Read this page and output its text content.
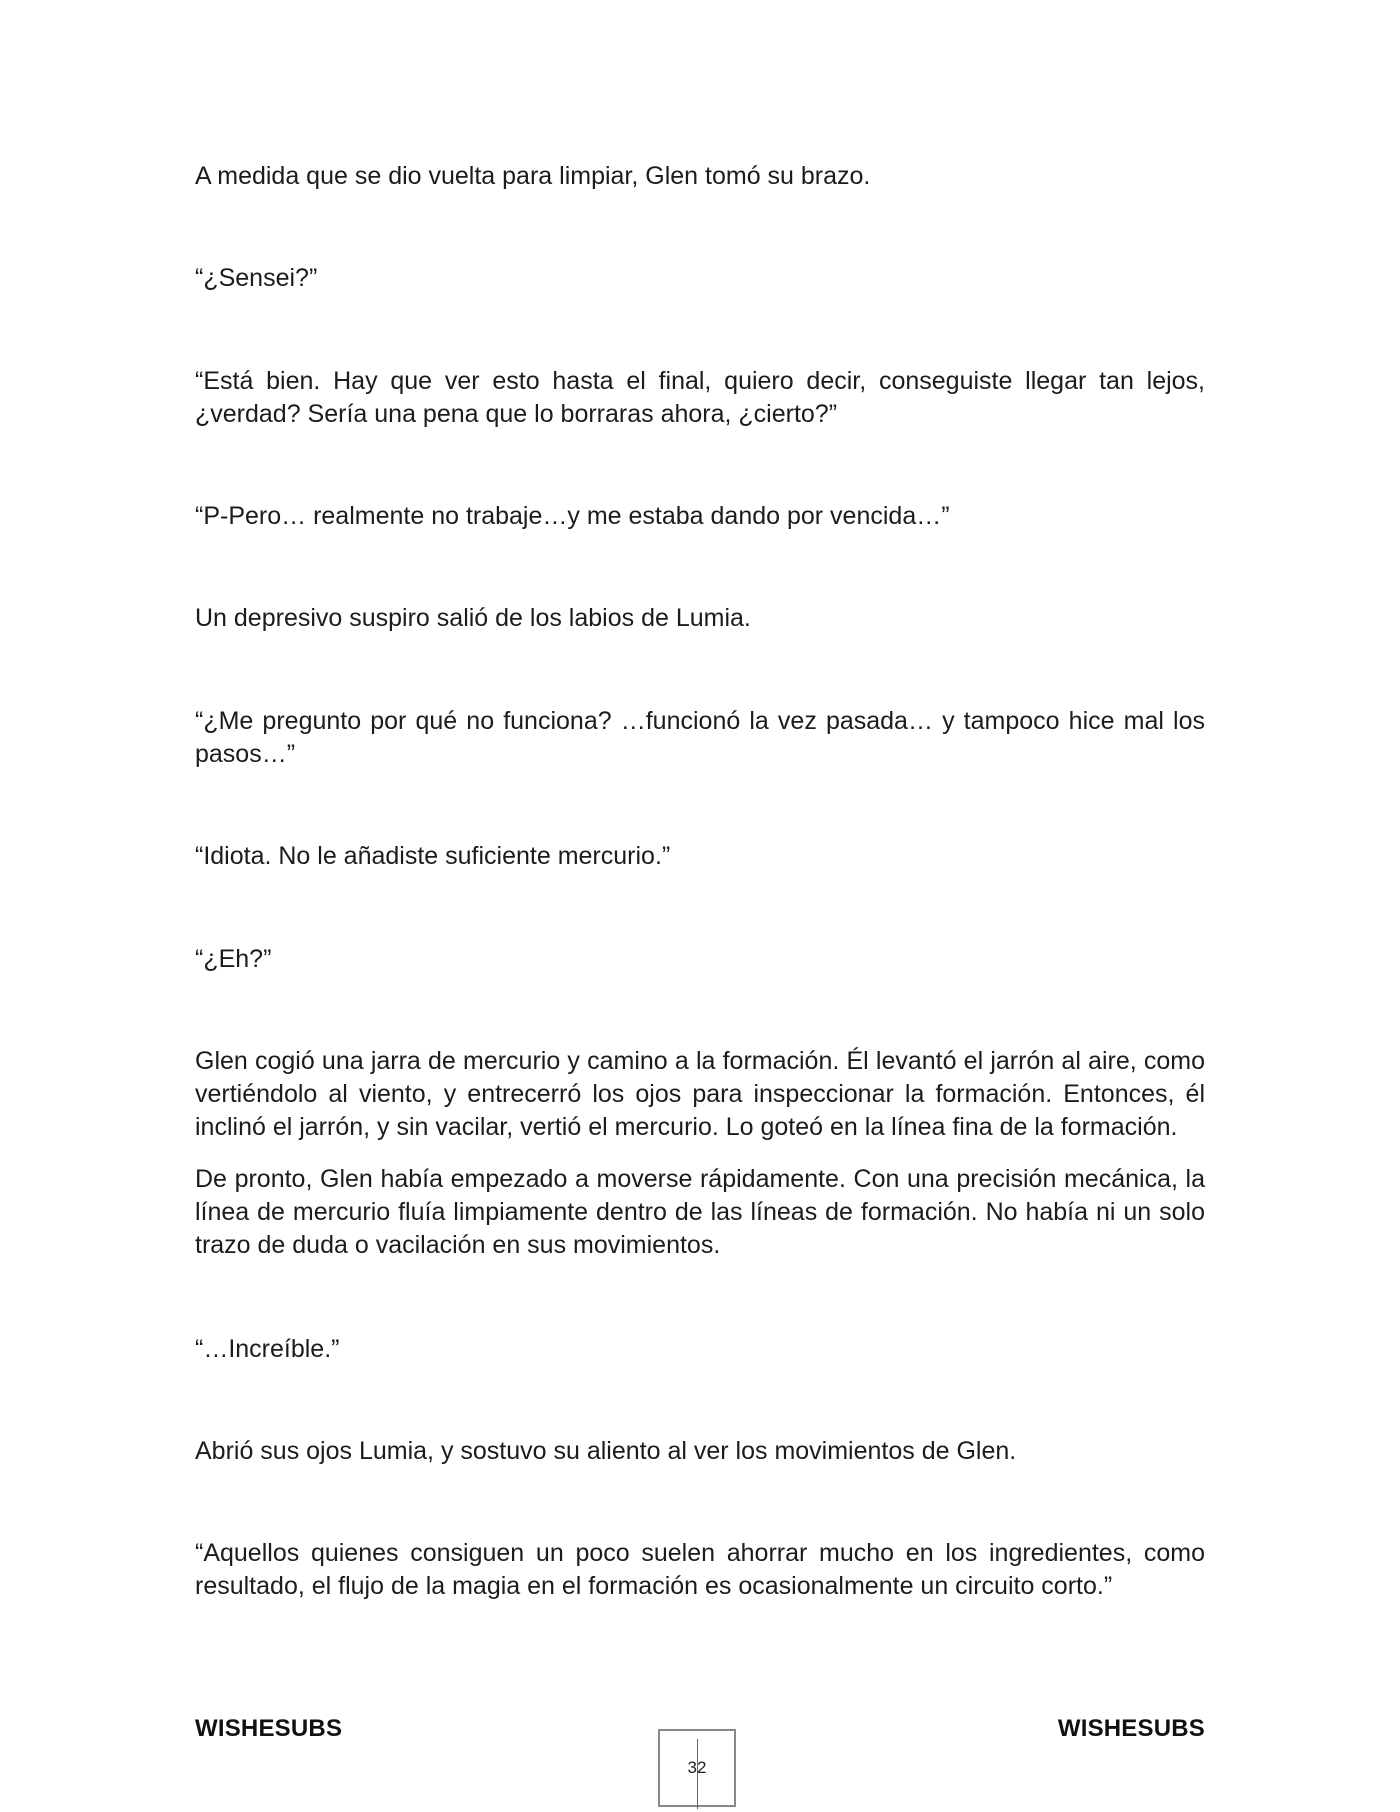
A medida que se dio vuelta para limpiar, Glen tomó su brazo.

“¿Sensei?”

“Está bien. Hay que ver esto hasta el final, quiero decir, conseguiste llegar tan lejos, ¿verdad? Sería una pena que lo borraras ahora, ¿cierto?”

“P-Pero… realmente no trabaje…y me estaba dando por vencida…”

Un depresivo suspiro salió de los labios de Lumia.

“¿Me pregunto por qué no funciona? …funcionó la vez pasada… y tampoco hice mal los pasos…”

“Idiota. No le añadiste suficiente mercurio.”

“¿Eh?”

Glen cogió una jarra de mercurio y camino a la formación. Él levantó el jarrón al aire, como vertiéndolo al viento, y entrecerró los ojos para inspeccionar la formación. Entonces, él inclinó el jarrón, y sin vacilar, vertió el mercurio. Lo goteó en la línea fina de la formación.

De pronto, Glen había empezado a moverse rápidamente. Con una precisión mecánica, la línea de mercurio fluía limpiamente dentro de las líneas de formación. No había ni un solo trazo de duda o vacilación en sus movimientos.

“…Increíble.”

Abrió sus ojos Lumia, y sostuvo su aliento al ver los movimientos de Glen.

“Aquellos quienes consiguen un poco suelen ahorrar mucho en los ingredientes, como resultado, el flujo de la magia en el formación es ocasionalmente un circuito corto.”

WISHESUBS	WISHESUBS
32
